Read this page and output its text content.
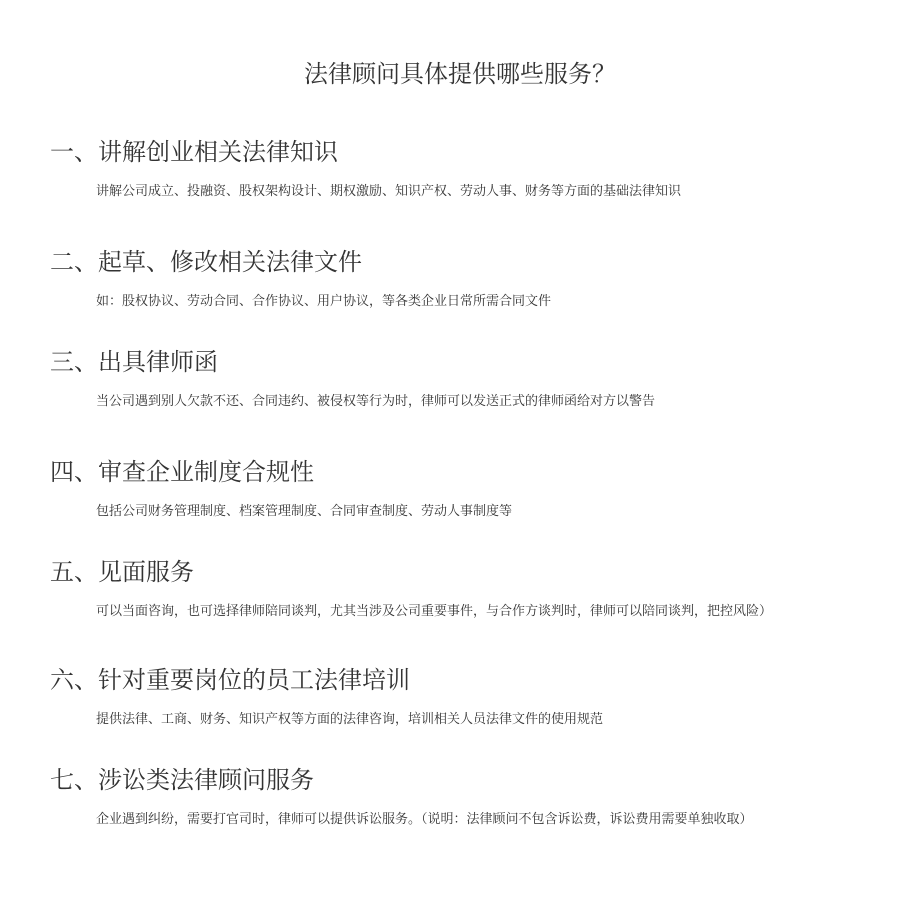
法律顾问具体提供哪些服务？
一、讲解创业相关法律知识
讲解公司成立、投融资、股权架构设计、期权激励、知识产权、劳动人事、财务等方面的基础法律知识
二、起草、修改相关法律文件
如：股权协议、劳动合同、合作协议、用户协议，等各类企业日常所需合同文件
三、出具律师函
当公司遇到别人欠款不还、合同违约、被侵权等行为时，律师可以发送正式的律师函给对方以警告
四、审查企业制度合规性
包括公司财务管理制度、档案管理制度、合同审查制度、劳动人事制度等
五、见面服务
可以当面咨询，也可选择律师陪同谈判，尤其当涉及公司重要事件，与合作方谈判时，律师可以陪同谈判，把控风险）
六、针对重要岗位的员工法律培训
提供法律、工商、财务、知识产权等方面的法律咨询，培训相关人员法律文件的使用规范
七、涉讼类法律顾问服务
企业遇到纠纷，需要打官司时，律师可以提供诉讼服务。（说明：法律顾问不包含诉讼费，诉讼费用需要单独收取）
